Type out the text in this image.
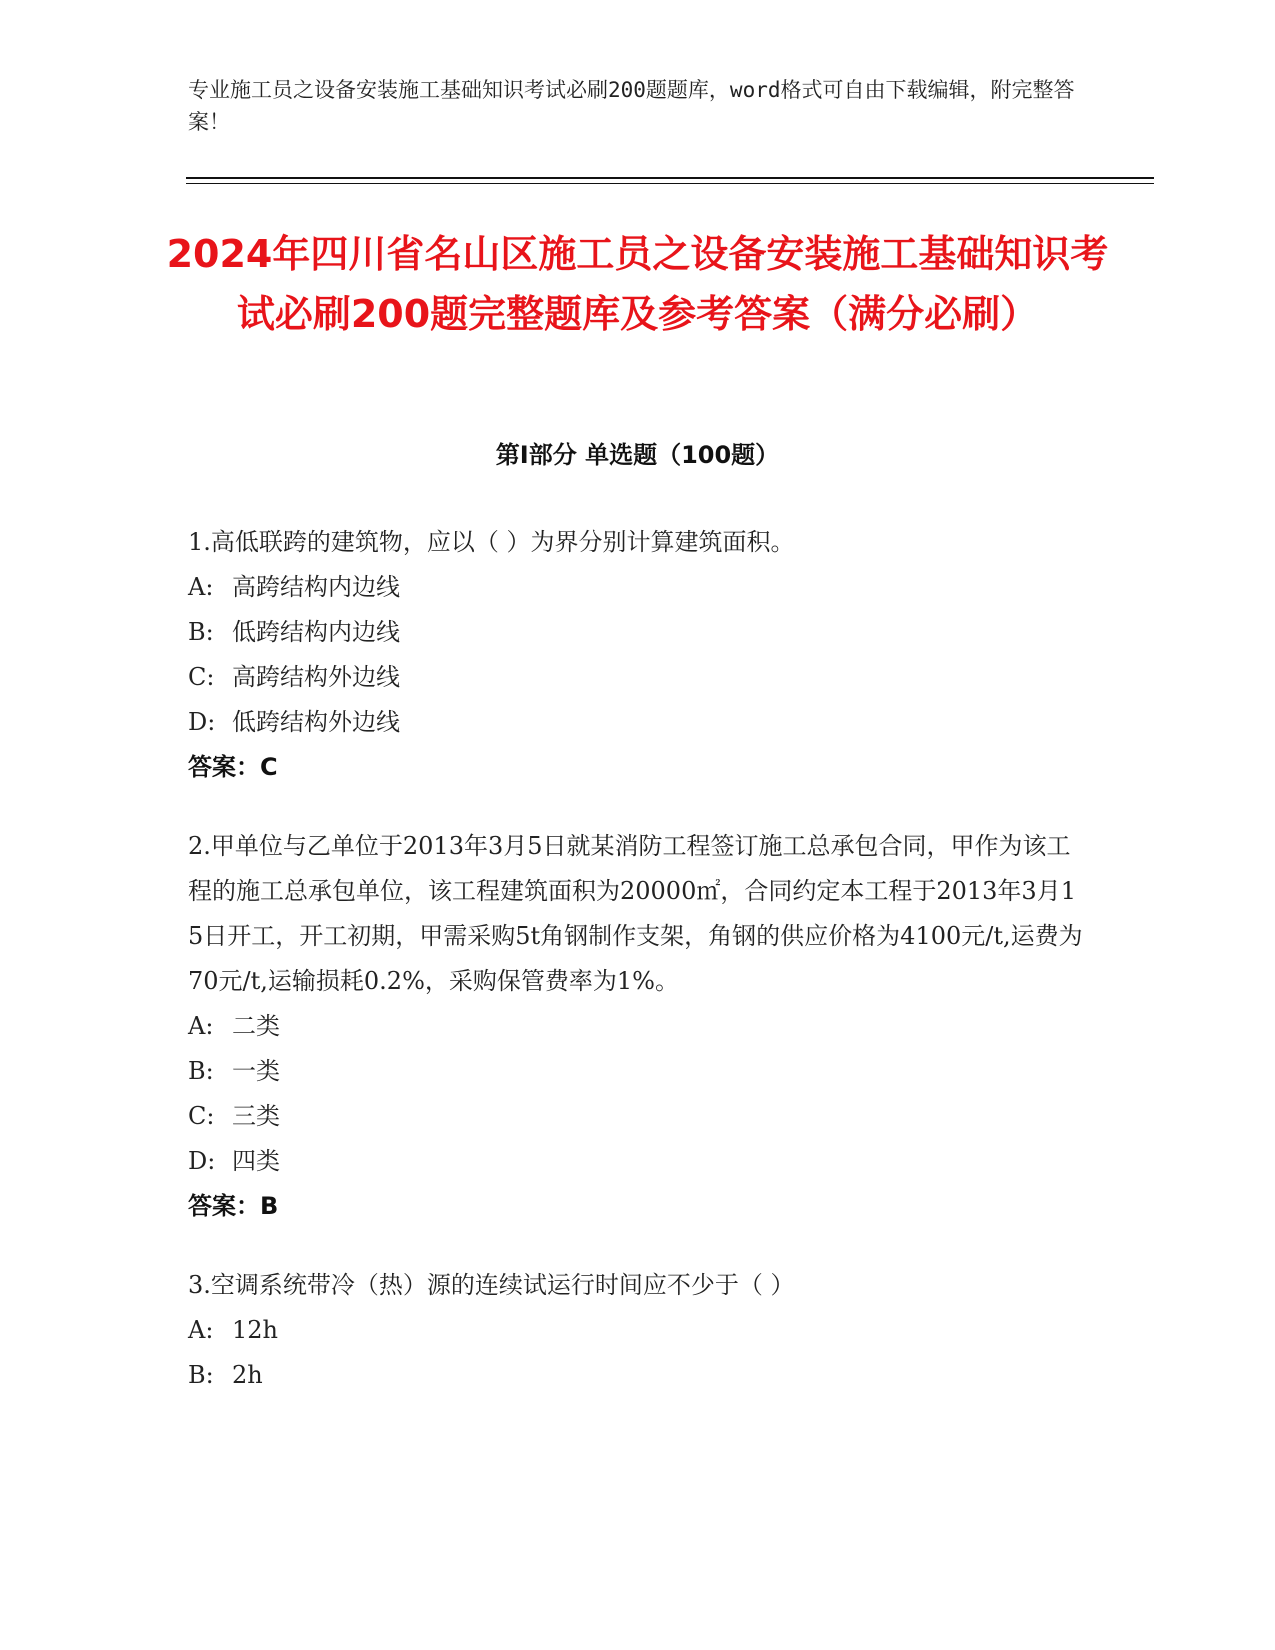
专业施工员之设备安装施工基础知识考试必刷200题题库，word格式可自由下载编辑，附完整答案！
2024年四川省名山区施工员之设备安装施工基础知识考试必刷200题完整题库及参考答案（满分必刷）
第Ⅰ部分 单选题（100题）
1.高低联跨的建筑物，应以（ ）为界分别计算建筑面积。
A: 高跨结构内边线
B: 低跨结构内边线
C: 高跨结构外边线
D: 低跨结构外边线
答案：C
2.甲单位与乙单位于2013年3月5日就某消防工程签订施工总承包合同，甲作为该工程的施工总承包单位，该工程建筑面积为20000㎡，合同约定本工程于2013年3月15日开工，开工初期，甲需采购5t角钢制作支架，角钢的供应价格为4100元/t,运费为70元/t,运输损耗0.2%，采购保管费率为1%。
A: 二类
B: 一类
C: 三类
D: 四类
答案：B
3.空调系统带冷（热）源的连续试运行时间应不少于（ ）
A: 12h
B: 2h
